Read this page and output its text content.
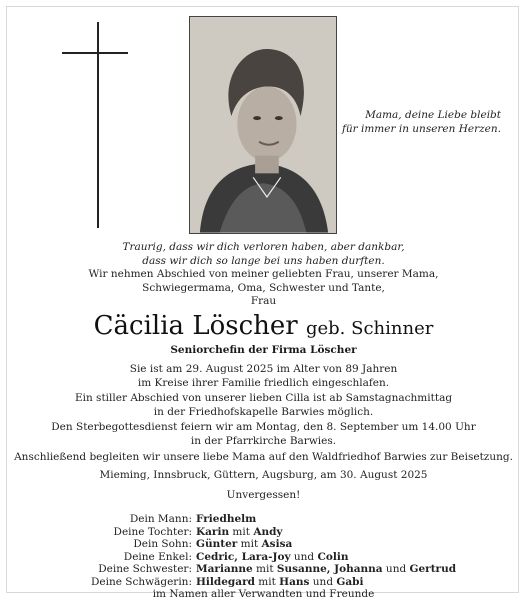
Mama, deine Liebe bleibt
für immer in unseren Herzen.
Traurig, dass wir dich verloren haben, aber dankbar,
dass wir dich so lange bei uns haben durften.
Wir nehmen Abschied von meiner geliebten Frau, unserer Mama,
Schwiegermama, Oma, Schwester und Tante,
Frau
Cäcilia Löscher geb. Schinner
Seniorchefin der Firma Löscher
Sie ist am 29. August 2025 im Alter von 89 Jahren
im Kreise ihrer Familie friedlich eingeschlafen.
Ein stiller Abschied von unserer lieben Cilla ist ab Samstagnachmittag
in der Friedhofskapelle Barwies möglich.
Den Sterbegottesdienst feiern wir am Montag, den 8. September um 14.00 Uhr
in der Pfarrkirche Barwies.
Anschließend begleiten wir unsere liebe Mama auf den Waldfriedhof Barwies zur Beisetzung.
Mieming, Innsbruck, Güttern, Augsburg, am 30. August 2025
Unvergessen!
Dein Mann: Friedhelm
Deine Tochter: Karin mit Andy
Dein Sohn: Günter mit Asisa
Deine Enkel: Cedric, Lara-Joy und Colin
Deine Schwester: Marianne mit Susanne, Johanna und Gertrud
Deine Schwägerin: Hildegard mit Hans und Gabi
im Namen aller Verwandten und Freunde
